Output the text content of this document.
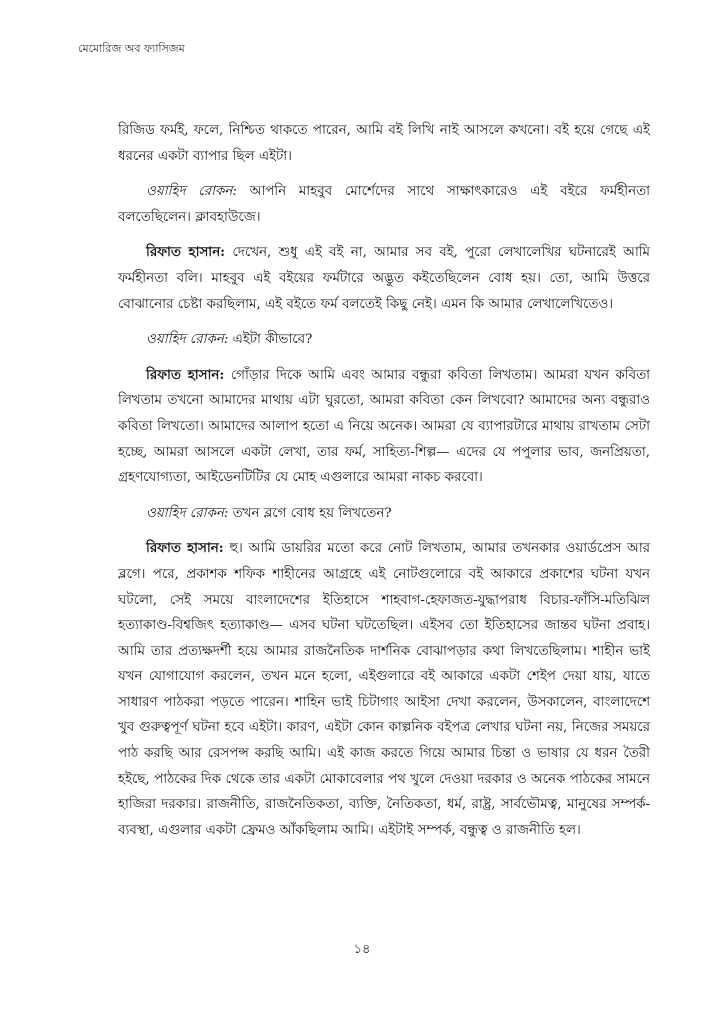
মেমোরিজ অব ফ্যাসিজম

রিজিড ফর্মই, ফলে, নিশ্চিত থাকতে পারেন, আমি বই লিখি নাই আসলে কখনো। বই হয়ে গেছে এই ধরনের একটা ব্যাপার ছিল এইটা।

ওয়াহিদ রোকন: আপনি মাহবুব মোর্শেদের সাথে সাক্ষাৎকারেও এই বইরে ফর্মহীনতা বলতেছিলেন। ক্লাবহাউজে।

রিফাত হাসান: দেখেন, শুধু এই বই না, আমার সব বই, পুরো লেখালেখির ঘটনারেই আমি ফর্মহীনতা বলি। মাহবুব এই বইয়ের ফর্মটারে অদ্ভুত কইতেছিলেন বোধ হয়। তো, আমি উত্তরে বোঝানোর চেষ্টা করছিলাম, এই বইতে ফর্ম বলতেই কিছু নেই। এমন কি আমার লেখালেখিতেও।

ওয়াহিদ রোকন: এইটা কীভাবে?

রিফাত হাসান: গোঁড়ার দিকে আমি এবং আমার বন্ধুরা কবিতা লিখতাম। আমরা যখন কবিতা লিখতাম তখনো আমাদের মাথায় এটা ঘুরতো, আমরা কবিতা কেন লিখবো? আমাদের অন্য বন্ধুরাও কবিতা লিখতো। আমাদের আলাপ হতো এ নিয়ে অনেক। আমরা যে ব্যাপারটারে মাথায় রাখতাম সেটা হচ্ছে, আমরা আসলে একটা লেখা, তার ফর্ম, সাহিত্য-শিল্প— এদের যে পপুলার ভাব, জনপ্রিয়তা, গ্রহণযোগ্যতা, আইডেনটিটির যে মোহ এগুলারে আমরা নাকচ করবো।

ওয়াহিদ রোকন: তখন ব্লগে বোধ হয় লিখতেন?

রিফাত হাসান: হু। আমি ডায়রির মতো করে নোট লিখতাম, আমার তখনকার ওয়ার্ডপ্রেস আর ব্লগে। পরে, প্রকাশক শফিক শাহীনের আগ্রহে এই নোটগুলোরে বই আকারে প্রকাশের ঘটনা যখন ঘটলো, সেই সময়ে বাংলাদেশের ইতিহাসে শাহবাগ-হেফাজত-যুদ্ধাপরাধ বিচার-ফাঁসি-মতিঝিল হত্যাকাণ্ড-বিশ্বজিৎ হত্যাকাণ্ড— এসব ঘটনা ঘটতেছিল। এইসব তো ইতিহাসের জান্তব ঘটনা প্রবাহ। আমি তার প্রত্যক্ষদর্শী হয়ে আমার রাজনৈতিক দার্শনিক বোঝাপড়ার কথা লিখতেছিলাম। শাহীন ভাই যখন যোগাযোগ করলেন, তখন মনে হলো, এইগুলারে বই আকারে একটা শেইপ দেয়া যায়, যাতে সাধারণ পাঠকরা পড়তে পারেন। শাহিন ভাই চিটাগাং আইসা দেখা করলেন, উসকালেন, বাংলাদেশে খুব গুরুত্বপূর্ণ ঘটনা হবে এইটা। কারণ, এইটা কোন কাল্পনিক বইপত্র লেখার ঘটনা নয়, নিজের সময়রে পাঠ করছি আর রেসপন্স করছি আমি। এই কাজ করতে গিয়ে আমার চিন্তা ও ভাষার যে ধরন তৈরী হইছে, পাঠকের দিক থেকে তার একটা মোকাবেলার পথ খুলে দেওয়া দরকার ও অনেক পাঠকের সামনে হাজিরা দরকার। রাজনীতি, রাজনৈতিকতা, ব্যক্তি, নৈতিকতা, ধর্ম, রাষ্ট্র, সার্বভৌমত্ব, মানুষের সম্পর্ক-ব্যবস্থা, এগুলার একটা ফ্রেমও আঁকছিলাম আমি। এইটাই সম্পর্ক, বন্ধুত্ব ও রাজনীতি হল।

১৪
